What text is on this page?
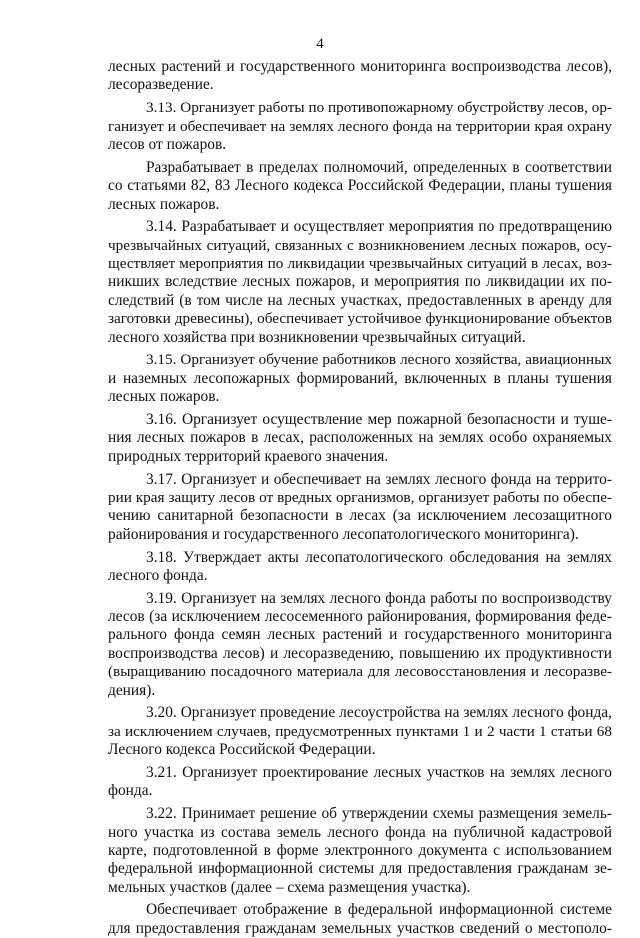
4
лесных растений и государственного мониторинга воспроизводства лесов),
лесоразведение.
3.13. Организует работы по противопожарному обустройству лесов, ор-
ганизует и обеспечивает на землях лесного фонда на территории края охрану
лесов от пожаров.
Разрабатывает в пределах полномочий, определенных в соответствии
со статьями 82, 83 Лесного кодекса Российской Федерации, планы тушения
лесных пожаров.
3.14. Разрабатывает и осуществляет мероприятия по предотвращению
чрезвычайных ситуаций, связанных с возникновением лесных пожаров, осу-
ществляет мероприятия по ликвидации чрезвычайных ситуаций в лесах, воз-
никших вследствие лесных пожаров, и мероприятия по ликвидации их по-
следствий (в том числе на лесных участках, предоставленных в аренду для
заготовки древесины), обеспечивает устойчивое функционирование объектов
лесного хозяйства при возникновении чрезвычайных ситуаций.
3.15. Организует обучение работников лесного хозяйства, авиационных
и наземных лесопожарных формирований, включенных в планы тушения
лесных пожаров.
3.16. Организует осуществление мер пожарной безопасности и туше-
ния лесных пожаров в лесах, расположенных на землях особо охраняемых
природных территорий краевого значения.
3.17. Организует и обеспечивает на землях лесного фонда на террито-
рии края защиту лесов от вредных организмов, организует работы по обеспе-
чению санитарной безопасности в лесах (за исключением лесозащитного
районирования и государственного лесопатологического мониторинга).
3.18. Утверждает акты лесопатологического обследования на землях
лесного фонда.
3.19. Организует на землях лесного фонда работы по воспроизводству
лесов (за исключением лесосеменного районирования, формирования феде-
рального фонда семян лесных растений и государственного мониторинга
воспроизводства лесов) и лесоразведению, повышению их продуктивности
(выращиванию посадочного материала для лесовосстановления и лесоразве-
дения).
3.20. Организует проведение лесоустройства на землях лесного фонда,
за исключением случаев, предусмотренных пунктами 1 и 2 части 1 статьи 68
Лесного кодекса Российской Федерации.
3.21. Организует проектирование лесных участков на землях лесного
фонда.
3.22. Принимает решение об утверждении схемы размещения земель-
ного участка из состава земель лесного фонда на публичной кадастровой
карте, подготовленной в форме электронного документа с использованием
федеральной информационной системы для предоставления гражданам зе-
мельных участков (далее – схема размещения участка).
Обеспечивает отображение в федеральной информационной системе
для предоставления гражданам земельных участков сведений о местополо-
